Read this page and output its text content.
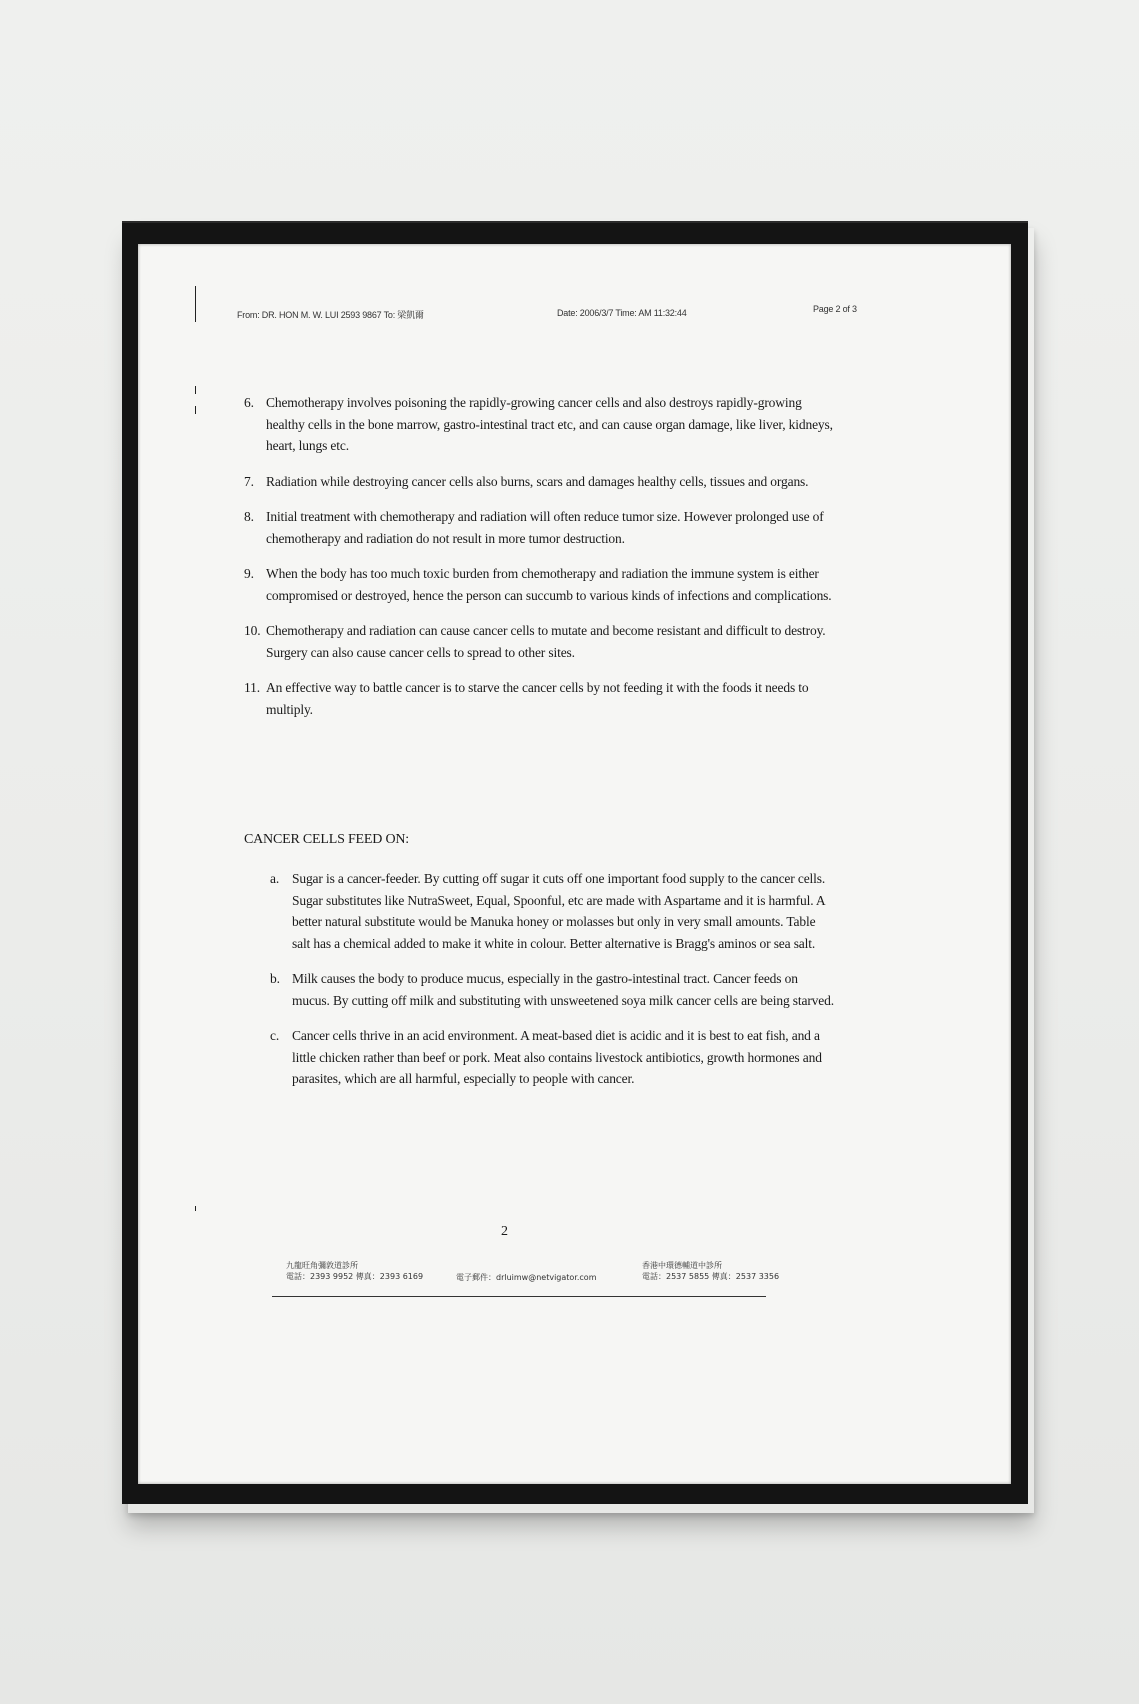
From: DR. HON M. W. LUI 2593 9867 To: 梁凱爾	Date: 2006/3/7 Time: AM 11:32:44	Page 2 of 3
6. Chemotherapy involves poisoning the rapidly-growing cancer cells and also destroys rapidly-growing healthy cells in the bone marrow, gastro-intestinal tract etc, and can cause organ damage, like liver, kidneys, heart, lungs etc.
7. Radiation while destroying cancer cells also burns, scars and damages healthy cells, tissues and organs.
8. Initial treatment with chemotherapy and radiation will often reduce tumor size. However prolonged use of chemotherapy and radiation do not result in more tumor destruction.
9. When the body has too much toxic burden from chemotherapy and radiation the immune system is either compromised or destroyed, hence the person can succumb to various kinds of infections and complications.
10. Chemotherapy and radiation can cause cancer cells to mutate and become resistant and difficult to destroy. Surgery can also cause cancer cells to spread to other sites.
11. An effective way to battle cancer is to starve the cancer cells by not feeding it with the foods it needs to multiply.
CANCER CELLS FEED ON:
a. Sugar is a cancer-feeder. By cutting off sugar it cuts off one important food supply to the cancer cells. Sugar substitutes like NutraSweet, Equal, Spoonful, etc are made with Aspartame and it is harmful. A better natural substitute would be Manuka honey or molasses but only in very small amounts. Table salt has a chemical added to make it white in colour. Better alternative is Bragg's aminos or sea salt.
b. Milk causes the body to produce mucus, especially in the gastro-intestinal tract. Cancer feeds on mucus. By cutting off milk and substituting with unsweetened soya milk cancer cells are being starved.
c. Cancer cells thrive in an acid environment. A meat-based diet is acidic and it is best to eat fish, and a little chicken rather than beef or pork. Meat also contains livestock antibiotics, growth hormones and parasites, which are all harmful, especially to people with cancer.
2
九龍旺角彌敦道診所
電話：2393 9952 傳真：2393 6169	電子郵件：drluimw@netvigator.com
香港中環德輔道中診所
電話：2537 5855 傳真：2537 3356
